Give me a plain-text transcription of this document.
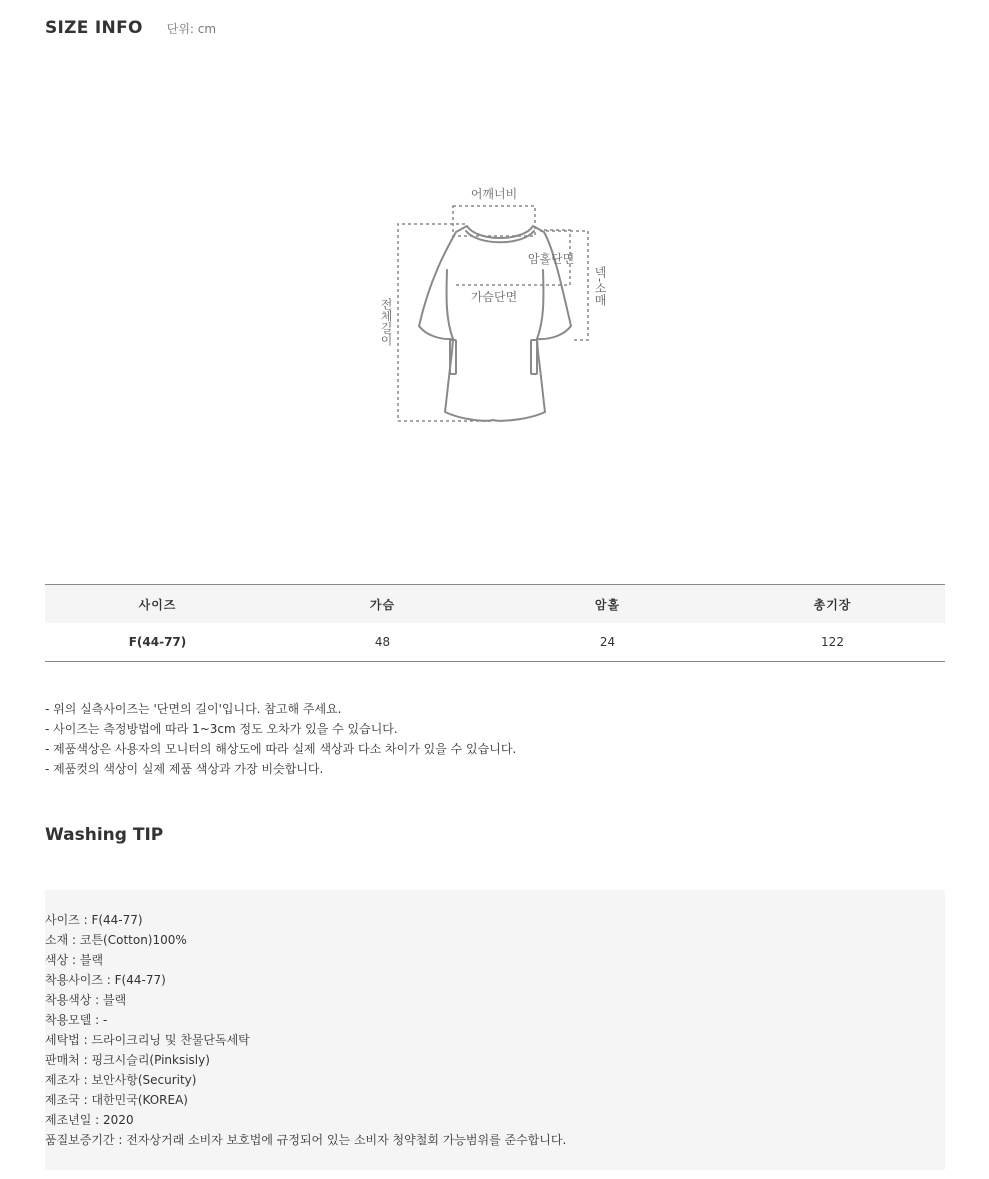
SIZE INFO 단위: cm
어깨너비
암홀단면
가슴단면	넥-소매
전체길이
사이즈	가슴	암홀	총기장
F(44-77)	48	24	122
- 위의 실측사이즈는 '단면의 길이'입니다. 참고해 주세요.
- 사이즈는 측정방법에 따라 1~3cm 정도 오차가 있을 수 있습니다.
- 제품색상은 사용자의 모니터의 해상도에 따라 실제 색상과 다소 차이가 있을 수 있습니다.
- 제품컷의 색상이 실제 제품 색상과 가장 비슷합니다.
Washing TIP
사이즈 : F(44-77)
소재 : 코튼(Cotton)100%
색상 : 블랙
착용사이즈 : F(44-77)
착용색상 : 블랙
착용모델 : -
세탁법 : 드라이크리닝 및 찬물단독세탁
판매처 : 핑크시슬리(Pinksisly)
제조자 : 보안사항(Security)
제조국 : 대한민국(KOREA)
제조년일 : 2020
품질보증기간 : 전자상거래 소비자 보호법에 규정되어 있는 소비자 청약철회 가능범위를 준수합니다.
